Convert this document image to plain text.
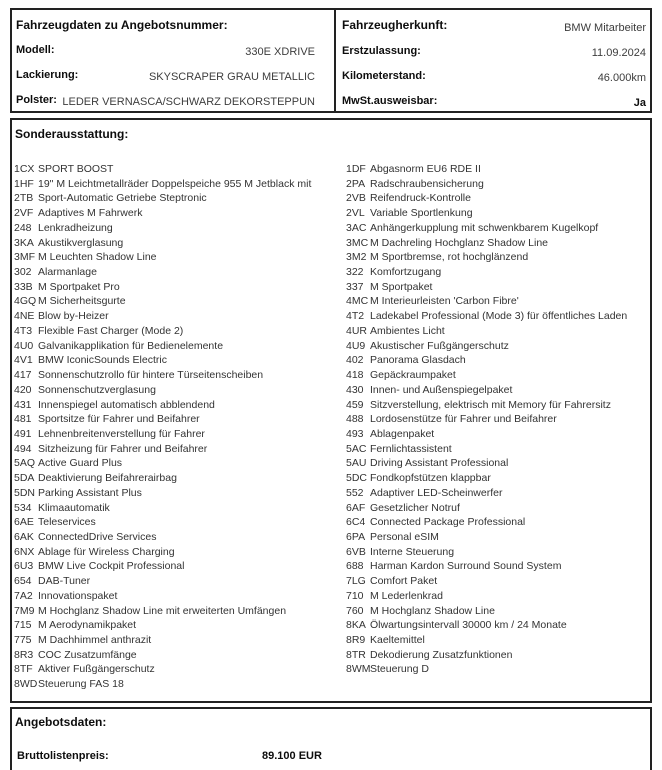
Fahrzeugdaten zu Angebotsnummer:
Modell:	330E XDRIVE
Lackierung:	SKYSCRAPER GRAU METALLIC
Polster: LEDER VERNASCA/SCHWARZ DEKORSTEPPUN
Fahrzeugherkunft:	BMW Mitarbeiter
Erstzulassung:	11.09.2024
Kilometerstand:	46.000km
MwSt.ausweisbar:	Ja
Sonderausstattung:
1CX SPORT BOOST
1HF 19" M Leichtmetallräder Doppelspeiche 955 M Jetblack mit
2TB Sport-Automatic Getriebe Steptronic
2VF Adaptives M Fahrwerk
248 Lenkradheizung
3KA Akustikverglasung
3MF M Leuchten Shadow Line
302 Alarmanlage
33B M Sportpaket Pro
4GQ M Sicherheitsgurte
4NE Blow by-Heizer
4T3 Flexible Fast Charger (Mode 2)
4U0 Galvanikapplikation für Bedienelemente
4V1 BMW IconicSounds Electric
417 Sonnenschutzrollo für hintere Türseitenscheiben
420 Sonnenschutzverglasung
431 Innenspiegel automatisch abblendend
481 Sportsitze für Fahrer und Beifahrer
491 Lehnenbreitenverstellung für Fahrer
494 Sitzheizung für Fahrer und Beifahrer
5AQ Active Guard Plus
5DA Deaktivierung Beifahrerairbag
5DN Parking Assistant Plus
534 Klimaautomatik
6AE Teleservices
6AK ConnectedDrive Services
6NX Ablage für Wireless Charging
6U3 BMW Live Cockpit Professional
654 DAB-Tuner
7A2 Innovationspaket
7M9 M Hochglanz Shadow Line mit erweiterten Umfängen
715 M Aerodynamikpaket
775 M Dachhimmel anthrazit
8R3 COC Zusatzumfänge
8TF Aktiver Fußgängerschutz
8WD Steuerung FAS 18
1DF Abgasnorm EU6 RDE II
2PA Radschraubensicherung
2VB Reifendruck-Kontrolle
2VL Variable Sportlenkung
3AC Anhängerkupplung mit schwenkbarem Kugelkopf
3MC M Dachreling Hochglanz Shadow Line
3M2 M Sportbremse, rot hochglänzend
322 Komfortzugang
337 M Sportpaket
4MC M Interieurleisten 'Carbon Fibre'
4T2 Ladekabel Professional (Mode 3) für öffentliches Laden
4UR Ambientes Licht
4U9 Akustischer Fußgängerschutz
402 Panorama Glasdach
418 Gepäckraumpaket
430 Innen- und Außenspiegelpaket
459 Sitzverstellung, elektrisch mit Memory für Fahrersitz
488 Lordosenstütze für Fahrer und Beifahrer
493 Ablagenpaket
5AC Fernlichtassistent
5AU Driving Assistant Professional
5DC Fondkopfstützen klappbar
552 Adaptiver LED-Scheinwerfer
6AF Gesetzlicher Notruf
6C4 Connected Package Professional
6PA Personal eSIM
6VB Interne Steuerung
688 Harman Kardon Surround Sound System
7LG Comfort Paket
710 M Lederlenkrad
760 M Hochglanz Shadow Line
8KA Ölwartungsintervall 30000 km / 24 Monate
8R9 Kaeltemittel
8TR Dekodierung Zusatzfunktionen
8WM Steuerung D
Angebotsdaten:
Bruttolistenpreis:	89.100 EUR
